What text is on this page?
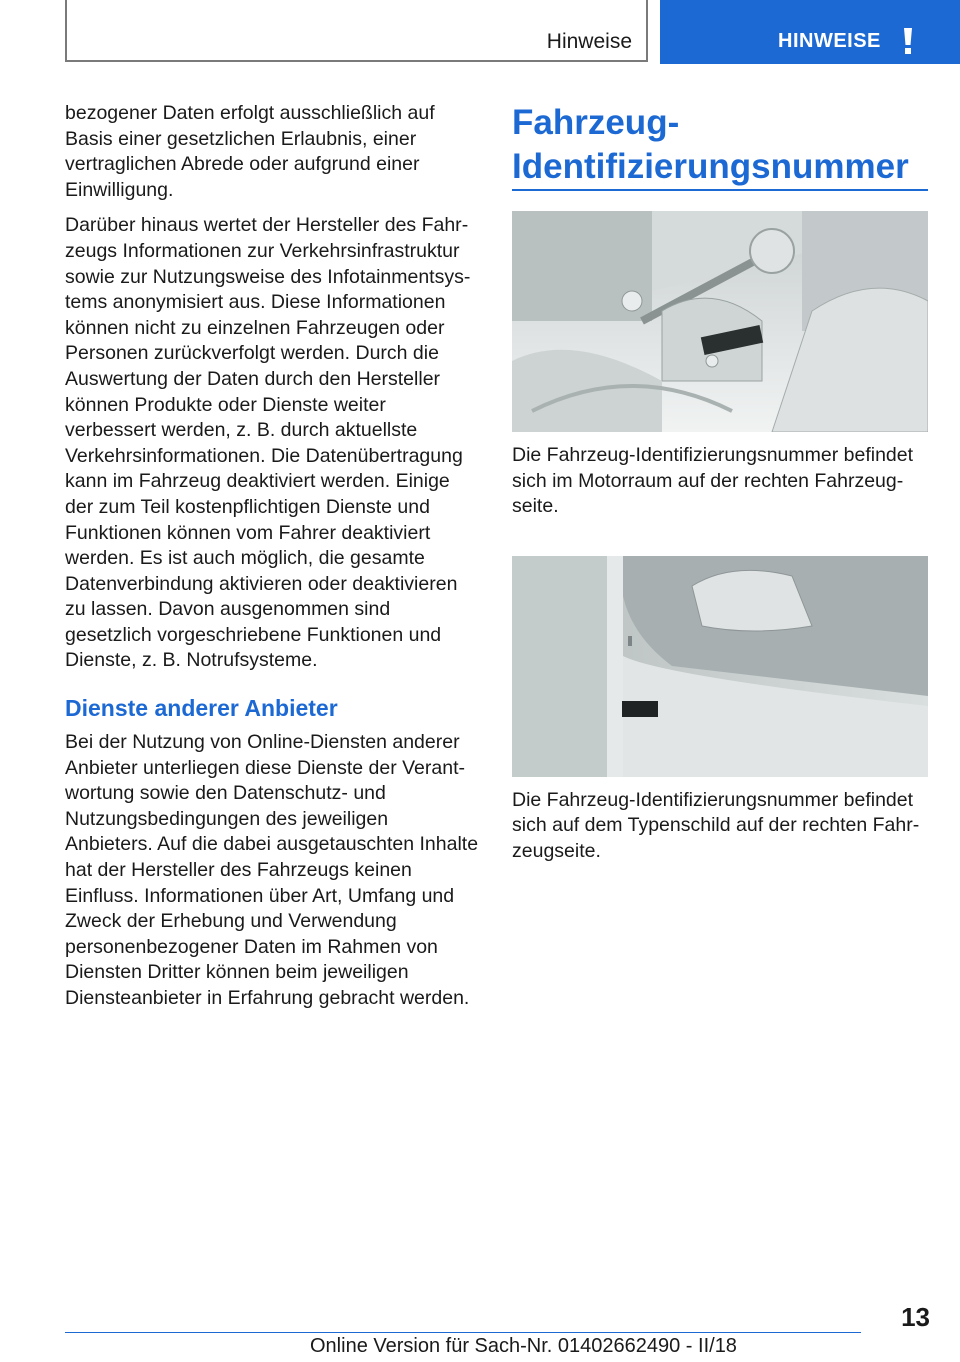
Hinweise	HINWEISE

bezogener Daten erfolgt ausschließlich auf Basis einer gesetzlichen Erlaubnis, einer vertraglichen Abrede oder aufgrund einer Einwilligung.

Darüber hinaus wertet der Hersteller des Fahrzeugs Informationen zur Verkehrsinfrastruktur sowie zur Nutzungsweise des Infotainmentsystems anonymisiert aus. Diese Informationen können nicht zu einzelnen Fahrzeugen oder Personen zurückverfolgt werden. Durch die Auswertung der Daten durch den Hersteller können Produkte oder Dienste weiter verbessert werden, z. B. durch aktuellste Verkehrsinformationen. Die Datenübertragung kann im Fahrzeug deaktiviert werden. Einige der zum Teil kostenpflichtigen Dienste und Funktionen können vom Fahrer deaktiviert werden. Es ist auch möglich, die gesamte Datenverbindung aktivieren oder deaktivieren zu lassen. Davon ausgenommen sind gesetzlich vorgeschriebene Funktionen und Dienste, z. B. Notrufsysteme.

Dienste anderer Anbieter

Bei der Nutzung von Online-Diensten anderer Anbieter unterliegen diese Dienste der Verantwortung sowie den Datenschutz- und Nutzungsbedingungen des jeweiligen Anbieters. Auf die dabei ausgetauschten Inhalte hat der Hersteller des Fahrzeugs keinen Einfluss. Informationen über Art, Umfang und Zweck der Erhebung und Verwendung personenbezogener Daten im Rahmen von Diensten Dritter können beim jeweiligen Diensteanbieter in Erfahrung gebracht werden.

Fahrzeug-
Identifizierungsnummer

Die Fahrzeug-Identifizierungsnummer befindet sich im Motorraum auf der rechten Fahrzeugseite.

Die Fahrzeug-Identifizierungsnummer befindet sich auf dem Typenschild auf der rechten Fahrzeugseite.

13
Online Version für Sach-Nr. 01402662490 - II/18
